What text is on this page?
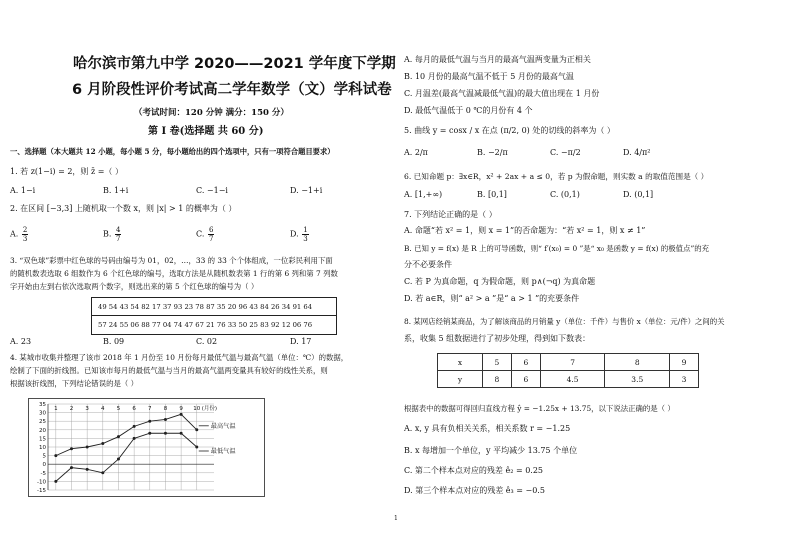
哈尔滨市第九中学 2020——2021 学年度下学期
6 月阶段性评价考试高二学年数学（文）学科试卷
（考试时间：120 分钟 满分：150 分）
第 Ⅰ 卷(选择题 共 60 分)
一、选择题（本大题共 12 小题，每小题 5 分，每小题给出的四个选项中，只有一项符合题目要求）
1. 若 z(1−i) = 2，则 z̄ =（ ）
A. 1−i	B. 1+i	C. −1−i	D. −1+i
2. 在区间 [−3,3] 上随机取一个数 x，则 |x| > 1 的概率为（ ）
A. $\frac{2}{3}$	B. $\frac{4}{7}$	C. $\frac{6}{7}$	D. $\frac{1}{3}$
3. “双色球”彩票中红色球的号码由编号为 01，02，…，33 的 33 个个体组成，一位彩民利用下面
的随机数表选取 6 组数作为 6 个红色球的编号，选取方法是从随机数表第 1 行的第 6 列和第 7 列数
字开始由左到右依次选取两个数字，则选出来的第 5 个红色球的编号为（ ）
49 54 43 54 82 17 37 93 23 78 87 35 20 96 43 84 26 34 91 64
57 24 55 06 88 77 04 74 47 67 21 76 33 50 25 83 92 12 06 76
A. 23	B. 09	C. 02	D. 17
4. 某城市收集并整理了该市 2018 年 1 月份至 10 月份每月最低气温与最高气温（单位：℃）的数据，
绘制了下面的折线图。已知该市每月的最低气温与当月的最高气温两变量具有较好的线性关系，则
根据该折线图，下列结论错误的是（ ）
35
30
25
20
15
10
5
0
-5
-10
-15
1 2 3 4 5 6 7 8 9 10 (月份)
最高气温
最低气温
A. 每月的最低气温与当月的最高气温两变量为正相关
B. 10 月份的最高气温不低于 5 月份的最高气温
C. 月温差(最高气温减最低气温)的最大值出现在 1 月份
D. 最低气温低于 0 ℃的月份有 4 个
5. 曲线 y = cosx / x 在点 (π/2, 0) 处的切线的斜率为（ ）
A. 2/π	B. −2/π	C. −π/2	D. 4/π²
6. 已知命题 p：∃x∈R，x² + 2ax + a ≤ 0，若 p 为假命题，则实数 a 的取值范围是（ ）
A. [1,+∞)	B. [0,1]	C. (0,1)	D. (0,1]
7. 下列结论正确的是（ ）
A. 命题“若 x² = 1，则 x = 1”的否命题为：“若 x² = 1，则 x ≠ 1”
B. 已知 y = f(x) 是 R 上的可导函数，则“ f′(x₀) = 0 ”是“ x₀ 是函数 y = f(x) 的极值点”的充
分不必要条件
C. 若 P 为真命题，q 为假命题，则 p∧(¬q) 为真命题
D. 若 a∈R，则“ a² > a ”是“ a > 1 ”的充要条件
8. 某网店经销某商品，为了解该商品的月销量 y（单位：千件）与售价 x（单位：元/件）之间的关
系，收集 5 组数据进行了初步处理，得到如下数表：
x	5	6	7	8	9
y	8	6	4.5	3.5	3
根据表中的数据可得回归直线方程 ŷ = −1.25x + 13.75，以下说法正确的是（ ）
A. x, y 具有负相关关系，相关系数 r = −1.25
B. x 每增加一个单位，y 平均减少 13.75 个单位
C. 第二个样本点对应的残差 ê₂ = 0.25
D. 第三个样本点对应的残差 ê₃ = −0.5
1
